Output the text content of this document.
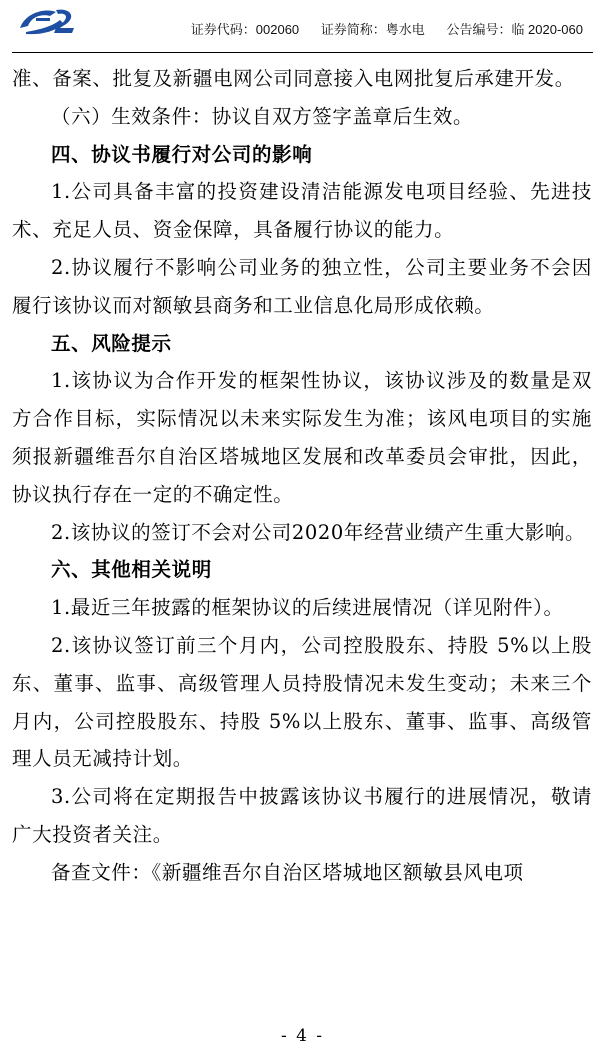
证券代码：002060 证券简称：粤水电 公告编号：临 2020-060

准、备案、批复及新疆电网公司同意接入电网批复后承建开发。

（六）生效条件：协议自双方签字盖章后生效。

四、协议书履行对公司的影响

1.公司具备丰富的投资建设清洁能源发电项目经验、先进技术、充足人员、资金保障，具备履行协议的能力。

2.协议履行不影响公司业务的独立性，公司主要业务不会因履行该协议而对额敏县商务和工业信息化局形成依赖。

五、风险提示

1.该协议为合作开发的框架性协议，该协议涉及的数量是双方合作目标，实际情况以未来实际发生为准；该风电项目的实施须报新疆维吾尔自治区塔城地区发展和改革委员会审批，因此，协议执行存在一定的不确定性。

2.该协议的签订不会对公司2020年经营业绩产生重大影响。

六、其他相关说明

1.最近三年披露的框架协议的后续进展情况（详见附件）。

2.该协议签订前三个月内，公司控股股东、持股 5%以上股东、董事、监事、高级管理人员持股情况未发生变动；未来三个月内，公司控股股东、持股 5%以上股东、董事、监事、高级管理人员无减持计划。

3.公司将在定期报告中披露该协议书履行的进展情况，敬请广大投资者关注。

备查文件：《新疆维吾尔自治区塔城地区额敏县风电项

- 4 -
